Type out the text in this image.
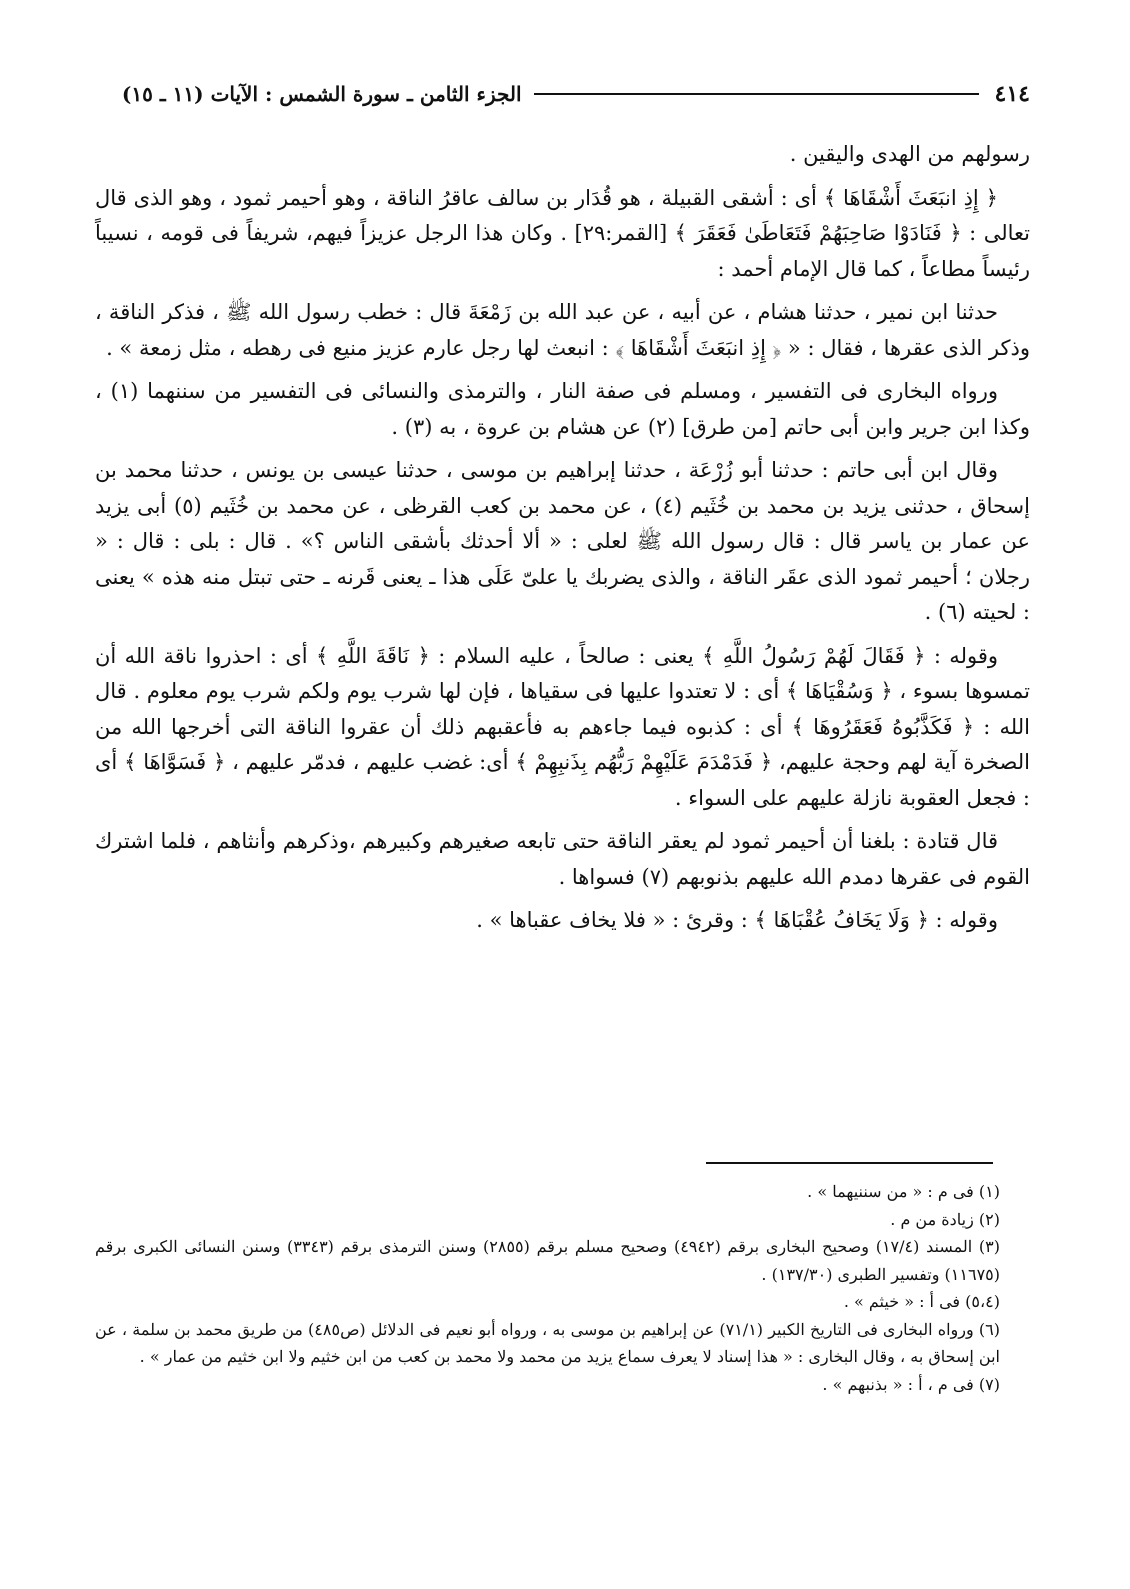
٤١٤
الجزء الثامن ـ سورة الشمس : الآيات (١١ ـ ١٥)

رسولهم من الهدى واليقين .

﴿ إِذِ انبَعَثَ أَشْقَاهَا ﴾ أى : أشقى القبيلة ، هو قُدَار بن سالف عاقرُ الناقة ، وهو أحيمر ثمود ، وهو الذى قال تعالى : ﴿ فَنَادَوْا صَاحِبَهُمْ فَتَعَاطَىٰ فَعَقَرَ ﴾ [القمر:٢٩] . وكان هذا الرجل عزيزاً فيهم، شريفاً فى قومه ، نسيباً رئيساً مطاعاً ، كما قال الإمام أحمد :

حدثنا ابن نمير ، حدثنا هشام ، عن أبيه ، عن عبد الله بن زَمْعَةَ قال : خطب رسول الله ﷺ ، فذكر الناقة ، وذكر الذى عقرها ، فقال : « ﴿ إِذِ انبَعَثَ أَشْقَاهَا ﴾ : انبعث لها رجل عارم عزيز منيع فى رهطه ، مثل زمعة » .

ورواه البخارى فى التفسير ، ومسلم فى صفة النار ، والترمذى والنسائى فى التفسير من سننهما (١) ، وكذا ابن جرير وابن أبى حاتم [من طرق] (٢) عن هشام بن عروة ، به (٣) .

وقال ابن أبى حاتم : حدثنا أبو زُرْعَة ، حدثنا إبراهيم بن موسى ، حدثنا عيسى بن يونس ، حدثنا محمد بن إسحاق ، حدثنى يزيد بن محمد بن خُثَيم (٤) ، عن محمد بن كعب القرظى ، عن محمد بن خُثَيم (٥) أبى يزيد عن عمار بن ياسر قال : قال رسول الله ﷺ لعلى : « ألا أحدثك بأشقى الناس ؟» . قال : بلى : قال : « رجلان ؛ أحيمر ثمود الذى عقَر الناقة ، والذى يضربك يا علىّ عَلَى هذا ـ يعنى قَرنه ـ حتى تبتل منه هذه » يعنى : لحيته (٦) .

وقوله : ﴿ فَقَالَ لَهُمْ رَسُولُ اللَّهِ ﴾ يعنى : صالحاً ، عليه السلام : ﴿ نَاقَةَ اللَّهِ ﴾ أى : احذروا ناقة الله أن تمسوها بسوء ، ﴿ وَسُقْيَاهَا ﴾ أى : لا تعتدوا عليها فى سقياها ، فإن لها شرب يوم ولكم شرب يوم معلوم . قال الله : ﴿ فَكَذَّبُوهُ فَعَقَرُوهَا ﴾ أى : كذبوه فيما جاءهم به فأعقبهم ذلك أن عقروا الناقة التى أخرجها الله من الصخرة آية لهم وحجة عليهم، ﴿ فَدَمْدَمَ عَلَيْهِمْ رَبُّهُم بِذَنبِهِمْ ﴾ أى: غضب عليهم ، فدمّر عليهم ، ﴿ فَسَوَّاهَا ﴾ أى : فجعل العقوبة نازلة عليهم على السواء .

قال قتادة : بلغنا أن أحيمر ثمود لم يعقر الناقة حتى تابعه صغيرهم وكبيرهم ،وذكرهم وأنثاهم ، فلما اشترك القوم فى عقرها دمدم الله عليهم بذنوبهم (٧) فسواها .

وقوله : ﴿ وَلَا يَخَافُ عُقْبَاهَا ﴾ : وقرئ : « فلا يخاف عقباها » .

(١) فى م : « من سننيهما » .

(٢) زيادة من م .

(٣) المسند (١٧/٤) وصحيح البخارى برقم (٤٩٤٢) وصحيح مسلم برقم (٢٨٥٥) وسنن الترمذى برقم (٣٣٤٣) وسنن النسائى الكبرى برقم (١١٦٧٥) وتفسير الطبرى (١٣٧/٣٠) .

(٥،٤) فى أ : « خيثم » .

(٦) ورواه البخارى فى التاريخ الكبير (٧١/١) عن إبراهيم بن موسى به ، ورواه أبو نعيم فى الدلائل (ص٤٨٥) من طريق محمد بن سلمة ، عن ابن إسحاق به ، وقال البخارى : « هذا إسناد لا يعرف سماع يزيد من محمد ولا محمد بن كعب من ابن خثيم ولا ابن خثيم من عمار » .

(٧) فى م ، أ : « بذنبهم » .
